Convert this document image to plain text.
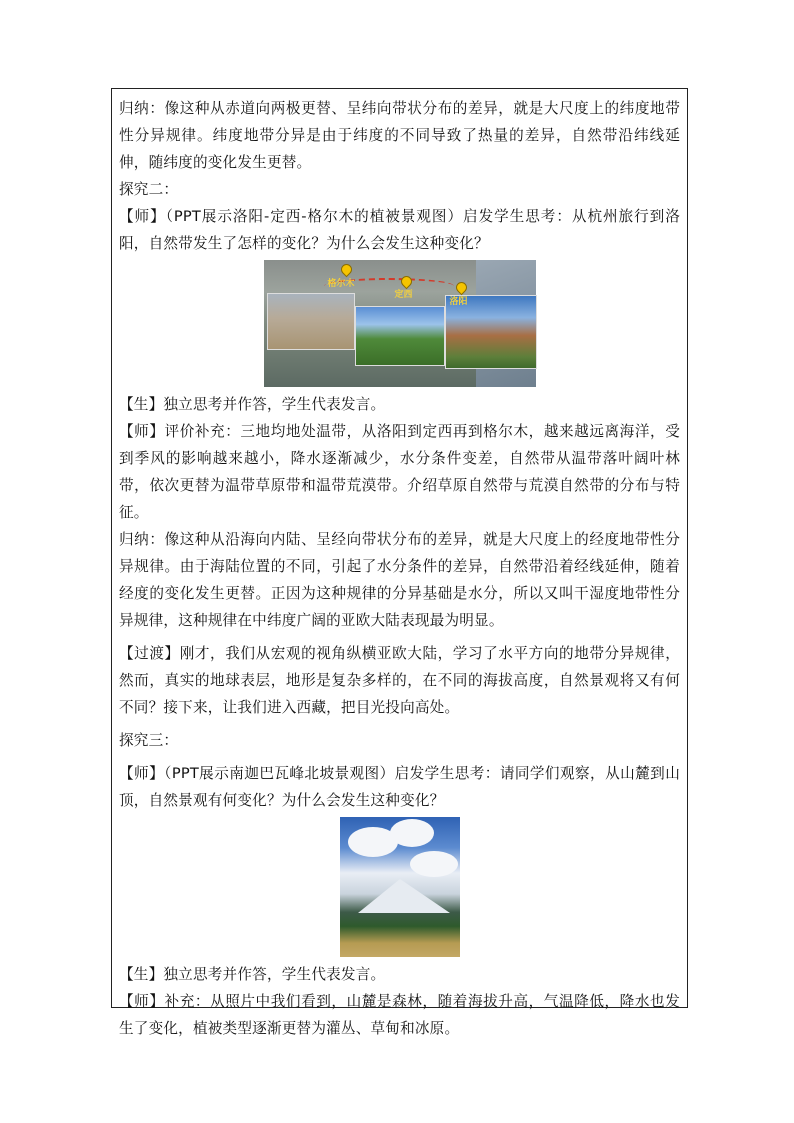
归纳：像这种从赤道向两极更替、呈纬向带状分布的差异，就是大尺度上的纬度地带性分异规律。纬度地带分异是由于纬度的不同导致了热量的差异，自然带沿纬线延伸，随纬度的变化发生更替。

探究二：

【师】（PPT展示洛阳-定西-格尔木的植被景观图）启发学生思考：从杭州旅行到洛阳，自然带发生了怎样的变化？为什么会发生这种变化？

格尔木
定西
洛阳

【生】独立思考并作答，学生代表发言。

【师】评价补充：三地均地处温带，从洛阳到定西再到格尔木，越来越远离海洋，受到季风的影响越来越小，降水逐渐减少，水分条件变差，自然带从温带落叶阔叶林带，依次更替为温带草原带和温带荒漠带。介绍草原自然带与荒漠自然带的分布与特征。

归纳：像这种从沿海向内陆、呈经向带状分布的差异，就是大尺度上的经度地带性分异规律。由于海陆位置的不同，引起了水分条件的差异，自然带沿着经线延伸，随着经度的变化发生更替。正因为这种规律的分异基础是水分，所以又叫干湿度地带性分异规律，这种规律在中纬度广阔的亚欧大陆表现最为明显。

【过渡】刚才，我们从宏观的视角纵横亚欧大陆，学习了水平方向的地带分异规律，然而，真实的地球表层，地形是复杂多样的，在不同的海拔高度，自然景观将又有何不同？接下来，让我们进入西藏，把目光投向高处。

探究三：

【师】（PPT展示南迦巴瓦峰北坡景观图）启发学生思考：请同学们观察，从山麓到山顶，自然景观有何变化？为什么会发生这种变化？

【生】独立思考并作答，学生代表发言。

【师】补充：从照片中我们看到，山麓是森林，随着海拔升高，气温降低，降水也发生了变化，植被类型逐渐更替为灌丛、草甸和冰原。
